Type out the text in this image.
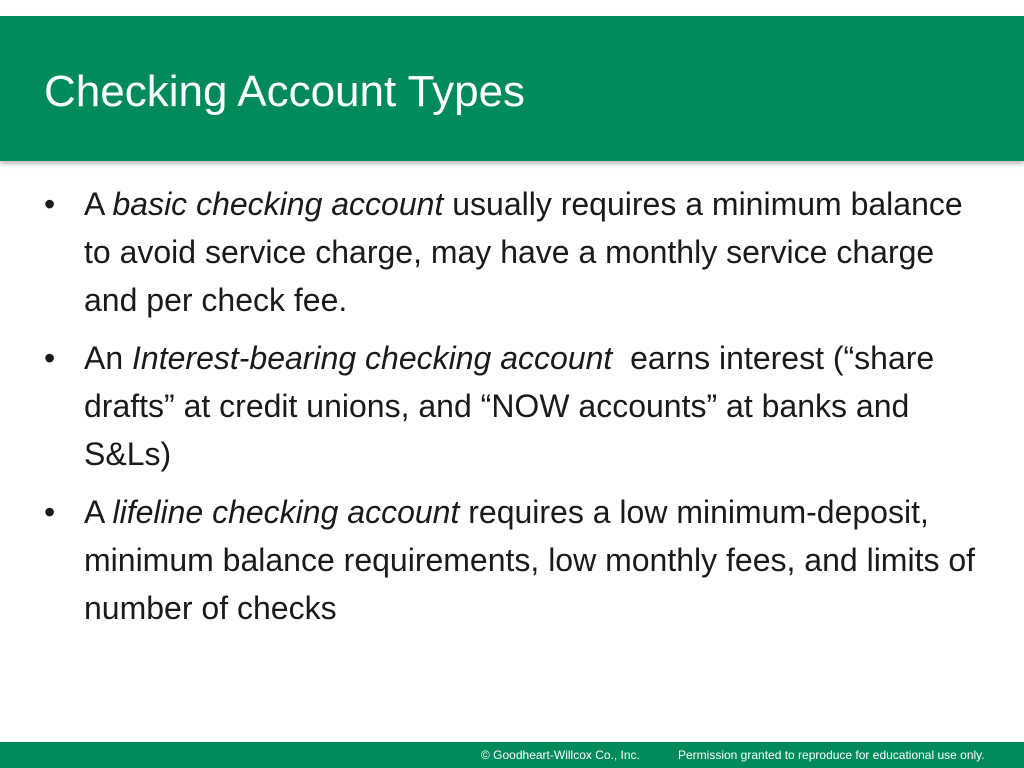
Checking Account Types
• A basic checking account usually requires a minimum balance to avoid service charge, may have a monthly service charge and per check fee.
• An Interest-bearing checking account  earns interest (“share drafts” at credit unions, and “NOW accounts” at banks and S&Ls)
• A lifeline checking account requires a low minimum-deposit, minimum balance requirements, low monthly fees, and limits of number of checks
© Goodheart-Willcox Co., Inc.	Permission granted to reproduce for educational use only.
